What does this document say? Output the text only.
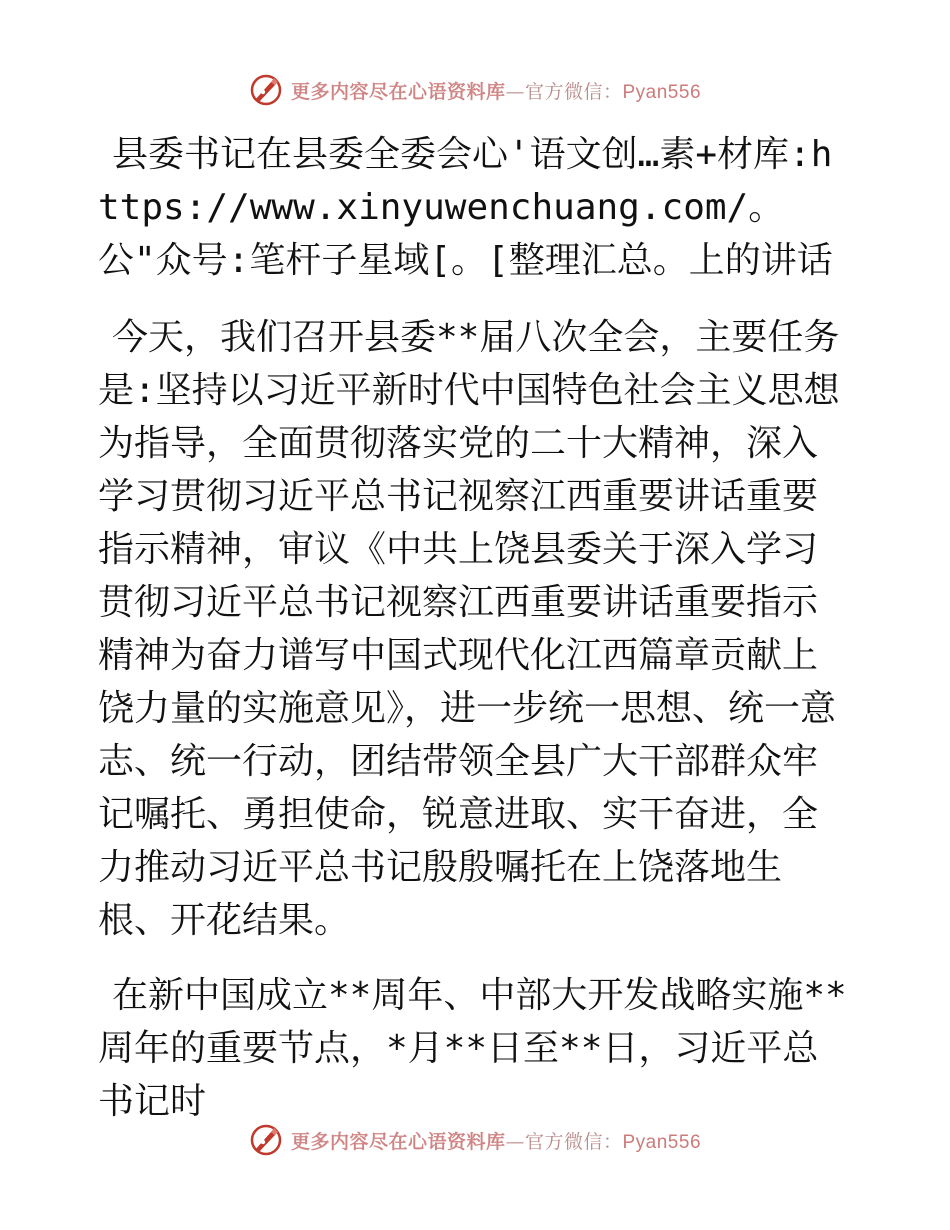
更多内容尽在心语资料库—官方微信：Pyan556

县委书记在县委全委会心'语文创…素+材库:https://www.xinyuwenchuang.com/。公"众号:笔杆子星域[。[整理汇总。上的讲话

今天，我们召开县委**届八次全会，主要任务是:坚持以习近平新时代中国特色社会主义思想为指导，全面贯彻落实党的二十大精神，深入学习贯彻习近平总书记视察江西重要讲话重要指示精神，审议《中共上饶县委关于深入学习贯彻习近平总书记视察江西重要讲话重要指示精神为奋力谱写中国式现代化江西篇章贡献上饶力量的实施意见》，进一步统一思想、统一意志、统一行动，团结带领全县广大干部群众牢记嘱托、勇担使命，锐意进取、实干奋进，全力推动习近平总书记殷殷嘱托在上饶落地生根、开花结果。

在新中国成立**周年、中部大开发战略实施**周年的重要节点，*月**日至**日，习近平总书记时

更多内容尽在心语资料库—官方微信：Pyan556
